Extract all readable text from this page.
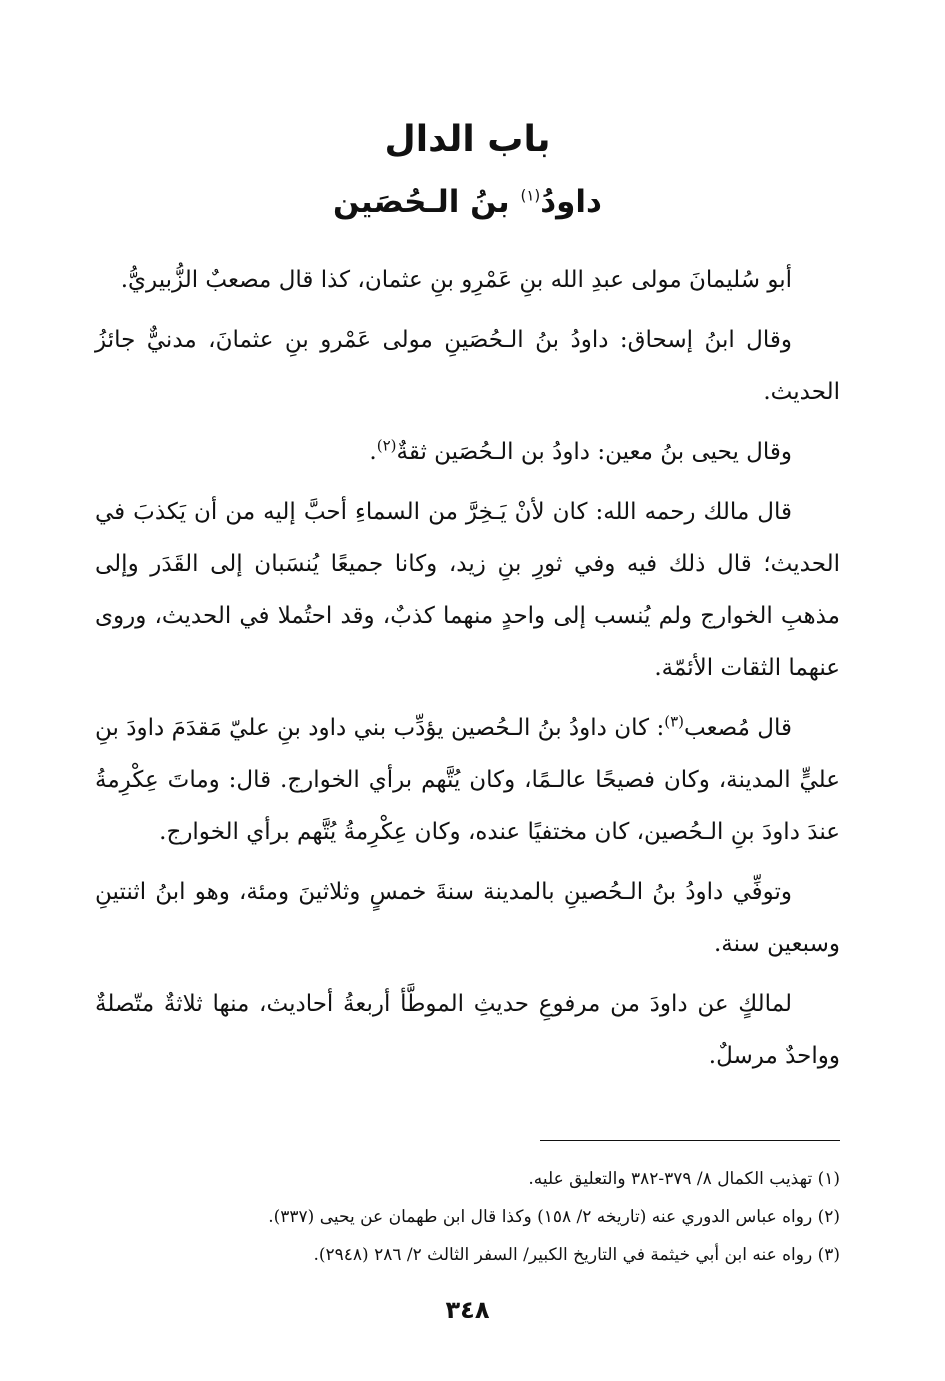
باب الدال
داودُ$^{(١)}$ بنُ الـحُصَين

أبو سُليمانَ مولى عبدِ الله بنِ عَمْرِو بنِ عثمان، كذا قال مصعبٌ الزُّبيريُّ.

وقال ابنُ إسحاق: داودُ بنُ الـحُصَينِ مولى عَمْرو بنِ عثمانَ، مدنيٌّ جائزُ الحديث.

وقال يحيى بنُ معين: داودُ بن الـحُصَين ثقةٌ$^{(٢)}$.

قال مالك رحمه الله: كان لأنْ يَـخِرَّ من السماءِ أحبَّ إليه من أن يَكذبَ في الحديث؛ قال ذلك فيه وفي ثورِ بنِ زيد، وكانا جميعًا يُنسَبان إلى القَدَر وإلى مذهبِ الخوارج ولم يُنسب إلى واحدٍ منهما كذبٌ، وقد احتُملا في الحديث، وروى عنهما الثقات الأئمّة.

قال مُصعب$^{(٣)}$: كان داودُ بنُ الـحُصين يؤدِّب بني داود بنِ عليّ مَقدَمَ داودَ بنِ عليٍّ المدينة، وكان فصيحًا عالـمًا، وكان يُتَّهم برأي الخوارج. قال: وماتَ عِكْرِمةُ عندَ داودَ بنِ الـحُصين، كان مختفيًا عنده، وكان عِكْرِمةُ يُتَّهم برأي الخوارج.

وتوفِّي داودُ بنُ الـحُصينِ بالمدينة سنةَ خمسٍ وثلاثينَ ومئة، وهو ابنُ اثنتينِ وسبعين سنة.

لمالكٍ عن داودَ من مرفوعِ حديثِ الموطَّأ أربعةُ أحاديث، منها ثلاثةٌ متّصلةٌ وواحدٌ مرسلٌ.

(١) تهذيب الكمال ٨/ ٣٧٩-٣٨٢ والتعليق عليه.
(٢) رواه عباس الدوري عنه (تاريخه ٢/ ١٥٨) وكذا قال ابن طهمان عن يحيى (٣٣٧).
(٣) رواه عنه ابن أبي خيثمة في التاريخ الكبير/ السفر الثالث ٢/ ٢٨٦ (٢٩٤٨).
٣٤٨
